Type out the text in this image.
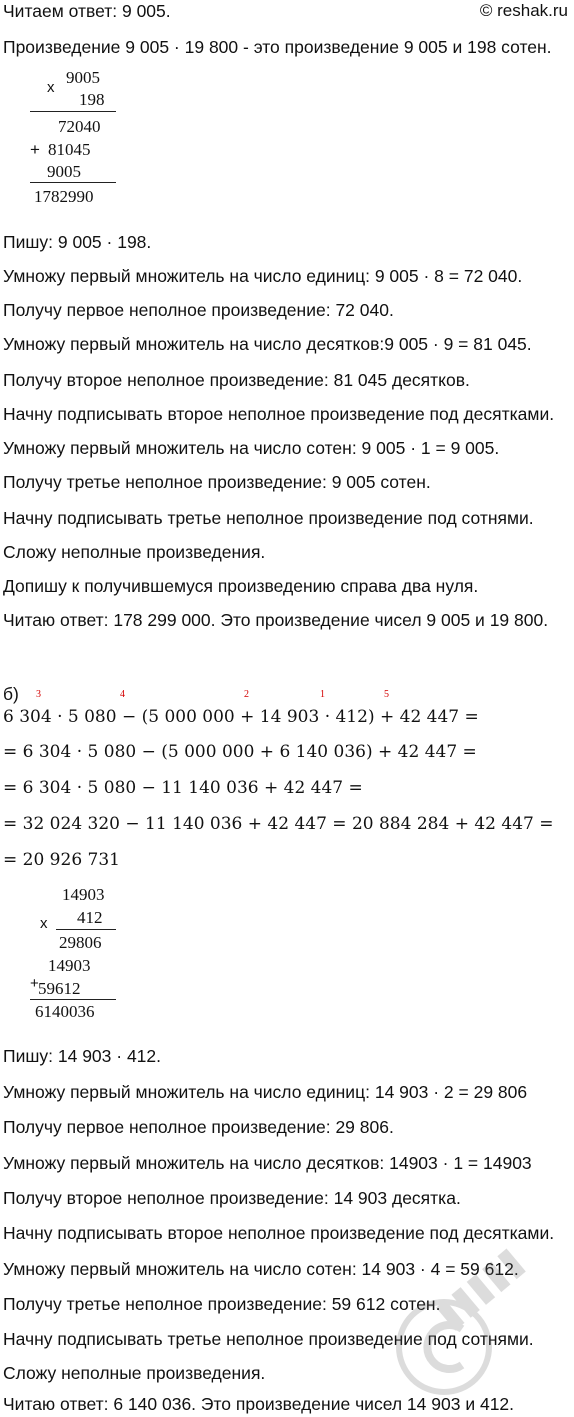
© reshak.ru
Читаем ответ: 9 005.
Произведение 9 005 · 19 800 - это произведение 9 005 и 198 сотен.
х
9005
198
72040
+ 81045
9005
1782990
Пишу: 9 005 · 198.
Умножу первый множитель на число единиц: 9 005 · 8 = 72 040.
Получу первое неполное произведение: 72 040.
Умножу первый множитель на число десятков:9 005 · 9 = 81 045.
Получу второе неполное произведение: 81 045 десятков.
Начну подписывать второе неполное произведение под десятками.
Умножу первый множитель на число сотен: 9 005 · 1 = 9 005.
Получу третье неполное произведение: 9 005 сотен.
Начну подписывать третье неполное произведение под сотнями.
Сложу неполные произведения.
Допишу к получившемуся произведению справа два нуля.
Читаю ответ: 178 299 000. Это произведение чисел 9 005 и 19 800.
б) 3	4	2	1	5
6 304 · 5 080 − (5 000 000 + 14 903 · 412) + 42 447 =
= 6 304 · 5 080 − (5 000 000 + 6 140 036) + 42 447 =
= 6 304 · 5 080 − 11 140 036 + 42 447 =
= 32 024 320 − 11 140 036 + 42 447 = 20 884 284 + 42 447 =
= 20 926 731
14903
х 412
29806
14903
+ 59612
6140036
Пишу: 14 903 · 412.
Умножу первый множитель на число единиц: 14 903 · 2 = 29 806
Получу первое неполное произведение: 29 806.
Умножу первый множитель на число десятков: 14903 · 1 = 14903
Получу второе неполное произведение: 14 903 десятка.
Начну подписывать второе неполное произведение под десятками.
Умножу первый множитель на число сотен: 14 903 · 4 = 59 612.
Получу третье неполное произведение: 59 612 сотен.
Начну подписывать третье неполное произведение под сотнями.
Сложу неполные произведения.
Читаю ответ: 6 140 036. Это произведение чисел 14 903 и 412.
